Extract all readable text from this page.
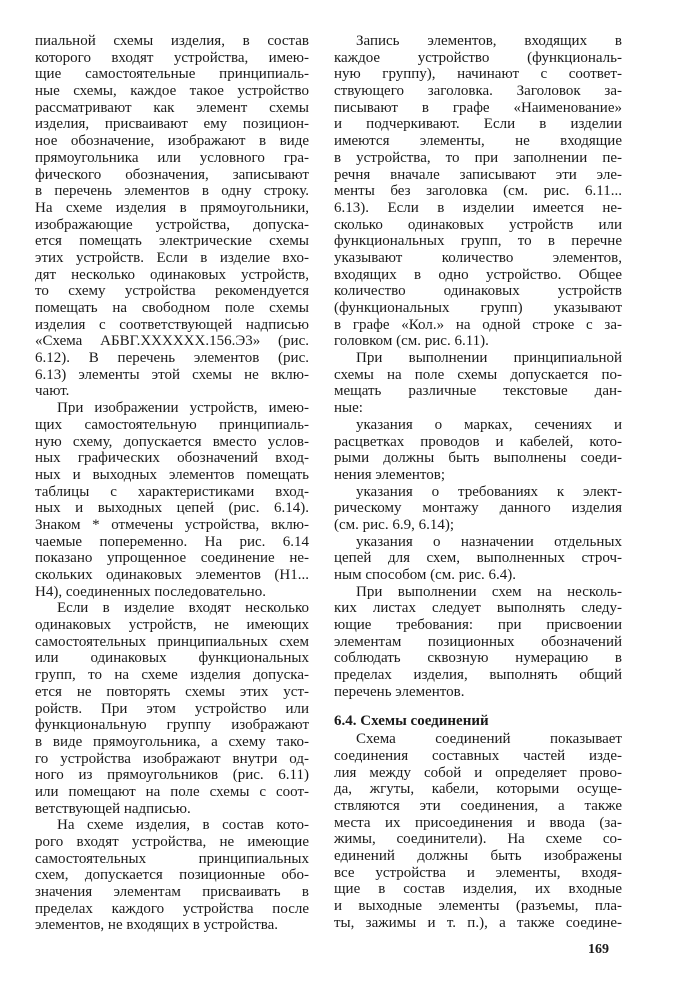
пиальной схемы изделия, в состав
которого входят устройства, имею-
щие самостоятельные принципиаль-
ные схемы, каждое такое устройство
рассматривают как элемент схемы
изделия, присваивают ему позицион-
ное обозначение, изображают в виде
прямоугольника или условного гра-
фического обозначения, записывают
в перечень элементов в одну строку.
На схеме изделия в прямоугольники,
изображающие устройства, допуска-
ется помещать электрические схемы
этих устройств. Если в изделие вхо-
дят несколько одинаковых устройств,
то схему устройства рекомендуется
помещать на свободном поле схемы
изделия с соответствующей надписью
«Схема АБВГ.XXXXXX.156.Э3» (рис.
6.12). В перечень элементов (рис.
6.13) элементы этой схемы не вклю-
чают.
При изображении устройств, имею-
щих самостоятельную принципиаль-
ную схему, допускается вместо услов-
ных графических обозначений вход-
ных и выходных элементов помещать
таблицы с характеристиками вход-
ных и выходных цепей (рис. 6.14).
Знаком * отмечены устройства, вклю-
чаемые попеременно. На рис. 6.14
показано упрощенное соединение не-
скольких одинаковых элементов (H1...
H4), соединенных последовательно.
Если в изделие входят несколько
одинаковых устройств, не имеющих
самостоятельных принципиальных схем
или одинаковых функциональных
групп, то на схеме изделия допуска-
ется не повторять схемы этих уст-
ройств. При этом устройство или
функциональную группу изображают
в виде прямоугольника, а схему тако-
го устройства изображают внутри од-
ного из прямоугольников (рис. 6.11)
или помещают на поле схемы с соот-
ветствующей надписью.
На схеме изделия, в состав кото-
рого входят устройства, не имеющие
самостоятельных принципиальных
схем, допускается позиционные обо-
значения элементам присваивать в
пределах каждого устройства после
элементов, не входящих в устройства.
Запись элементов, входящих в
каждое устройство (функциональ-
ную группу), начинают с соответ-
ствующего заголовка. Заголовок за-
писывают в графе «Наименование»
и подчеркивают. Если в изделии
имеются элементы, не входящие
в устройства, то при заполнении пе-
речня вначале записывают эти эле-
менты без заголовка (см. рис. 6.11...
6.13). Если в изделии имеется не-
сколько одинаковых устройств или
функциональных групп, то в перечне
указывают количество элементов,
входящих в одно устройство. Общее
количество одинаковых устройств
(функциональных групп) указывают
в графе «Кол.» на одной строке с за-
головком (см. рис. 6.11).
При выполнении принципиальной
схемы на поле схемы допускается по-
мещать различные текстовые дан-
ные:
указания о марках, сечениях и
расцветках проводов и кабелей, кото-
рыми должны быть выполнены соеди-
нения элементов;
указания о требованиях к элект-
рическому монтажу данного изделия
(см. рис. 6.9, 6.14);
указания о назначении отдельных
цепей для схем, выполненных строч-
ным способом (см. рис. 6.4).
При выполнении схем на несколь-
ких листах следует выполнять следу-
ющие требования: при присвоении
элементам позиционных обозначений
соблюдать сквозную нумерацию в
пределах изделия, выполнять общий
перечень элементов.
6.4. Схемы соединений
Схема соединений показывает
соединения составных частей изде-
лия между собой и определяет прово-
да, жгуты, кабели, которыми осуще-
ствляются эти соединения, а также
места их присоединения и ввода (за-
жимы, соединители). На схеме со-
единений должны быть изображены
все устройства и элементы, входя-
щие в состав изделия, их входные
и выходные элементы (разъемы, пла-
ты, зажимы и т. п.), а также соедине-
169
